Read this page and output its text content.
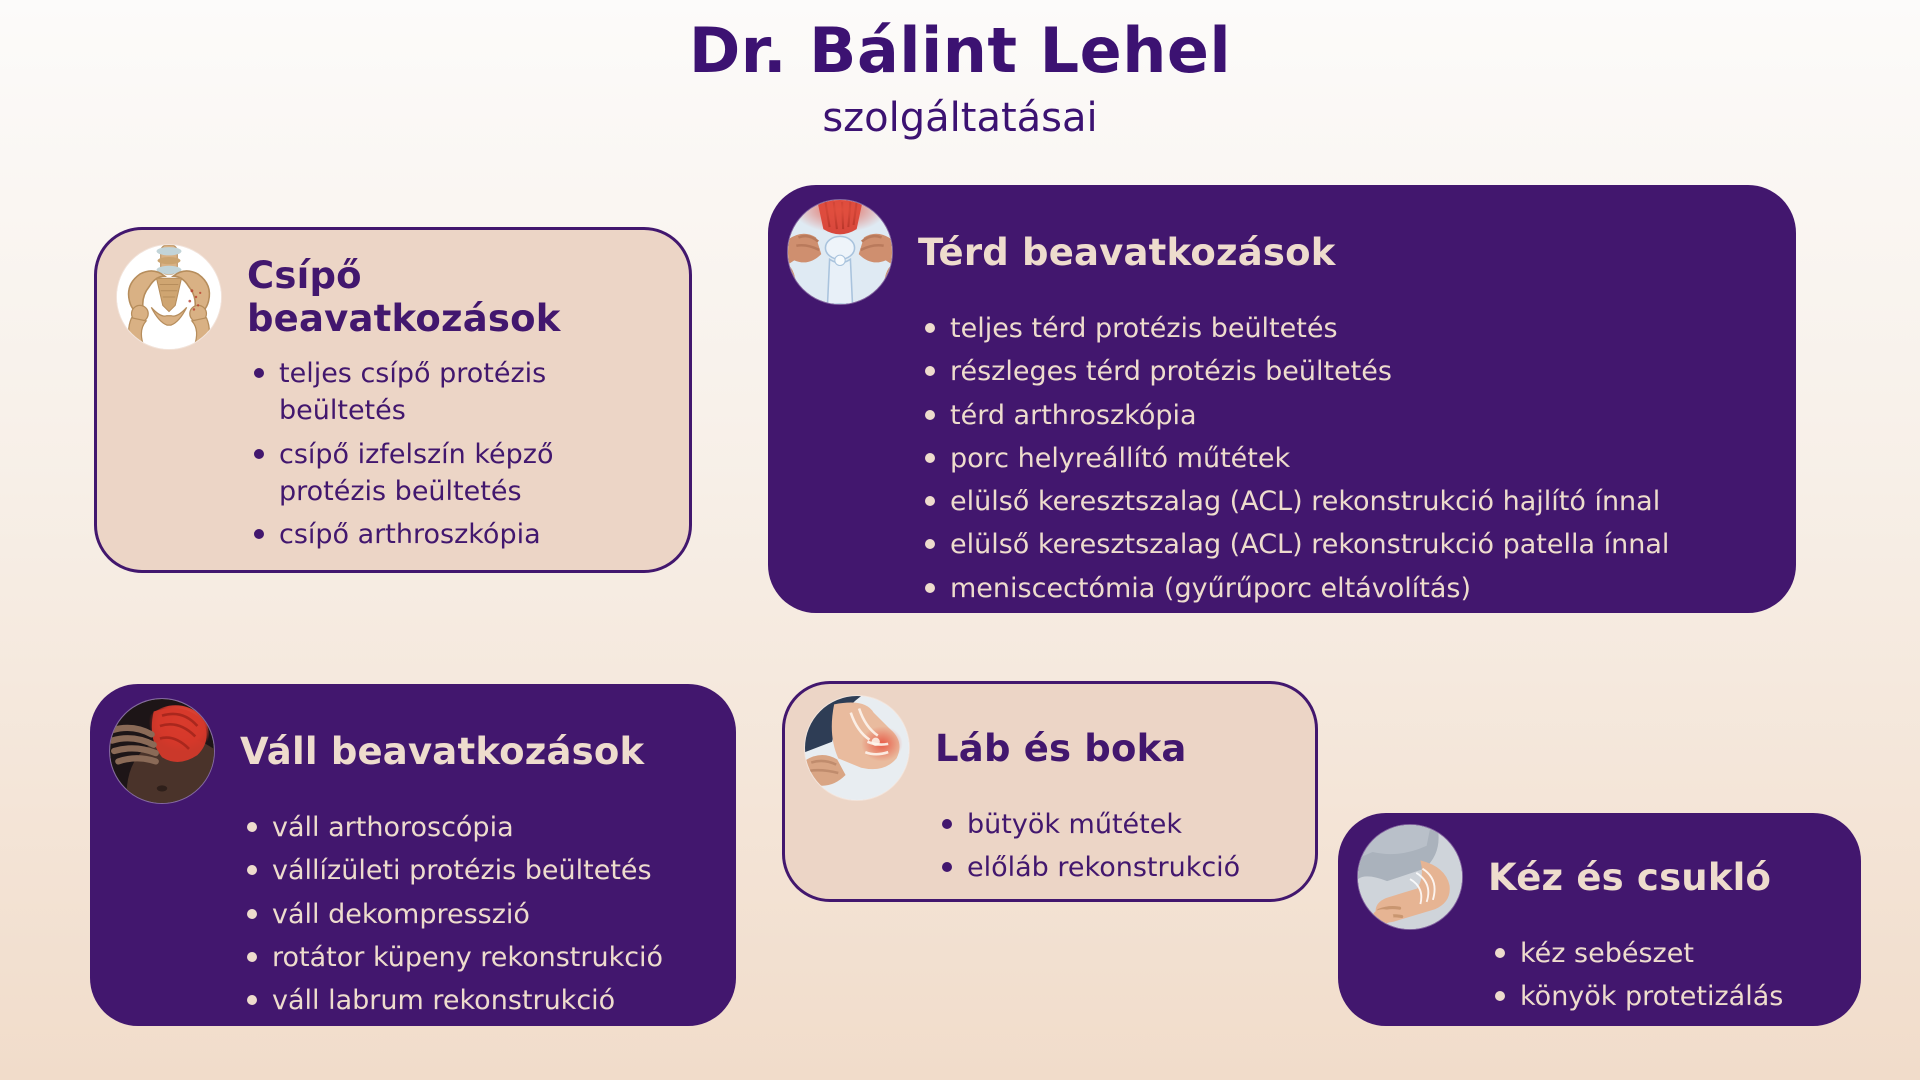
Dr. Bálint Lehel
szolgáltatásai
Csípő beavatkozások
teljes csípő protézis beültetés
csípő izfelszín képző protézis beültetés
csípő arthroszkópia
Térd beavatkozások
teljes térd protézis beültetés
részleges térd protézis beültetés
térd arthroszkópia
porc helyreállító műtétek
elülső keresztszalag (ACL) rekonstrukció hajlító ínnal
elülső keresztszalag (ACL) rekonstrukció patella ínnal
meniscectómia (gyűrűporc eltávolítás)
Váll beavatkozások
váll arthoroscópia
vállízületi protézis beültetés
váll dekompresszió
rotátor küpeny rekonstrukció
váll labrum rekonstrukció
Láb és boka
bütyök műtétek
előláb rekonstrukció	Kéz és csukló
kéz sebészet
könyök protetizálás
